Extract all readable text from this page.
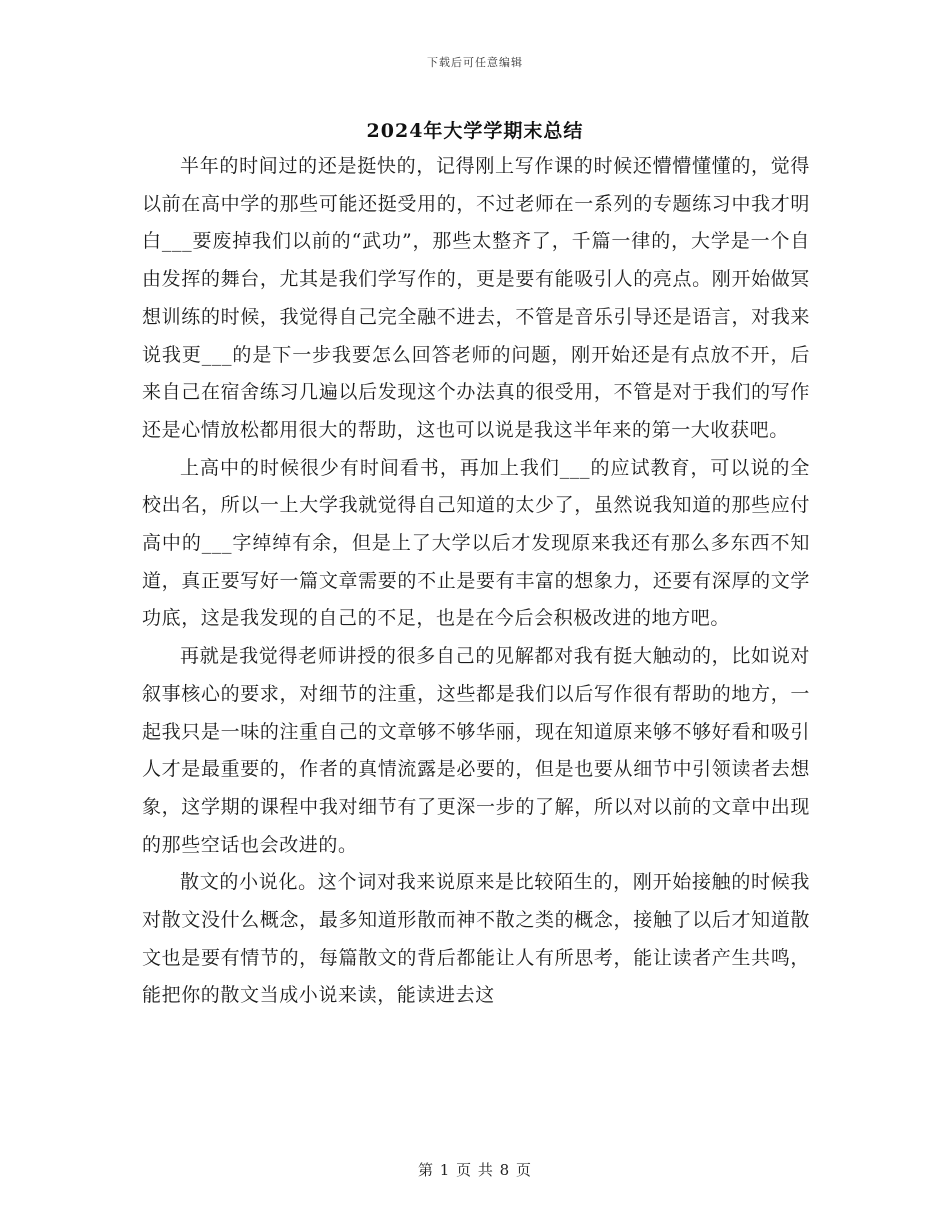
下载后可任意编辑
2024年大学学期末总结

半年的时间过的还是挺快的，记得刚上写作课的时候还懵懵懂懂的，觉得以前在高中学的那些可能还挺受用的，不过老师在一系列的专题练习中我才明白___要废掉我们以前的“武功”，那些太整齐了，千篇一律的，大学是一个自由发挥的舞台，尤其是我们学写作的，更是要有能吸引人的亮点。刚开始做冥想训练的时候，我觉得自己完全融不进去，不管是音乐引导还是语言，对我来说我更___的是下一步我要怎么回答老师的问题，刚开始还是有点放不开，后来自己在宿舍练习几遍以后发现这个办法真的很受用，不管是对于我们的写作还是心情放松都用很大的帮助，这也可以说是我这半年来的第一大收获吧。

上高中的时候很少有时间看书，再加上我们___的应试教育，可以说的全校出名，所以一上大学我就觉得自己知道的太少了，虽然说我知道的那些应付高中的___字绰绰有余，但是上了大学以后才发现原来我还有那么多东西不知道，真正要写好一篇文章需要的不止是要有丰富的想象力，还要有深厚的文学功底，这是我发现的自己的不足，也是在今后会积极改进的地方吧。

再就是我觉得老师讲授的很多自己的见解都对我有挺大触动的，比如说对叙事核心的要求，对细节的注重，这些都是我们以后写作很有帮助的地方，一起我只是一味的注重自己的文章够不够华丽，现在知道原来够不够好看和吸引人才是最重要的，作者的真情流露是必要的，但是也要从细节中引领读者去想象，这学期的课程中我对细节有了更深一步的了解，所以对以前的文章中出现的那些空话也会改进的。

散文的小说化。这个词对我来说原来是比较陌生的，刚开始接触的时候我对散文没什么概念，最多知道形散而神不散之类的概念，接触了以后才知道散文也是要有情节的，每篇散文的背后都能让人有所思考，能让读者产生共鸣，能把你的散文当成小说来读，能读进去这

第 1 页 共 8 页
